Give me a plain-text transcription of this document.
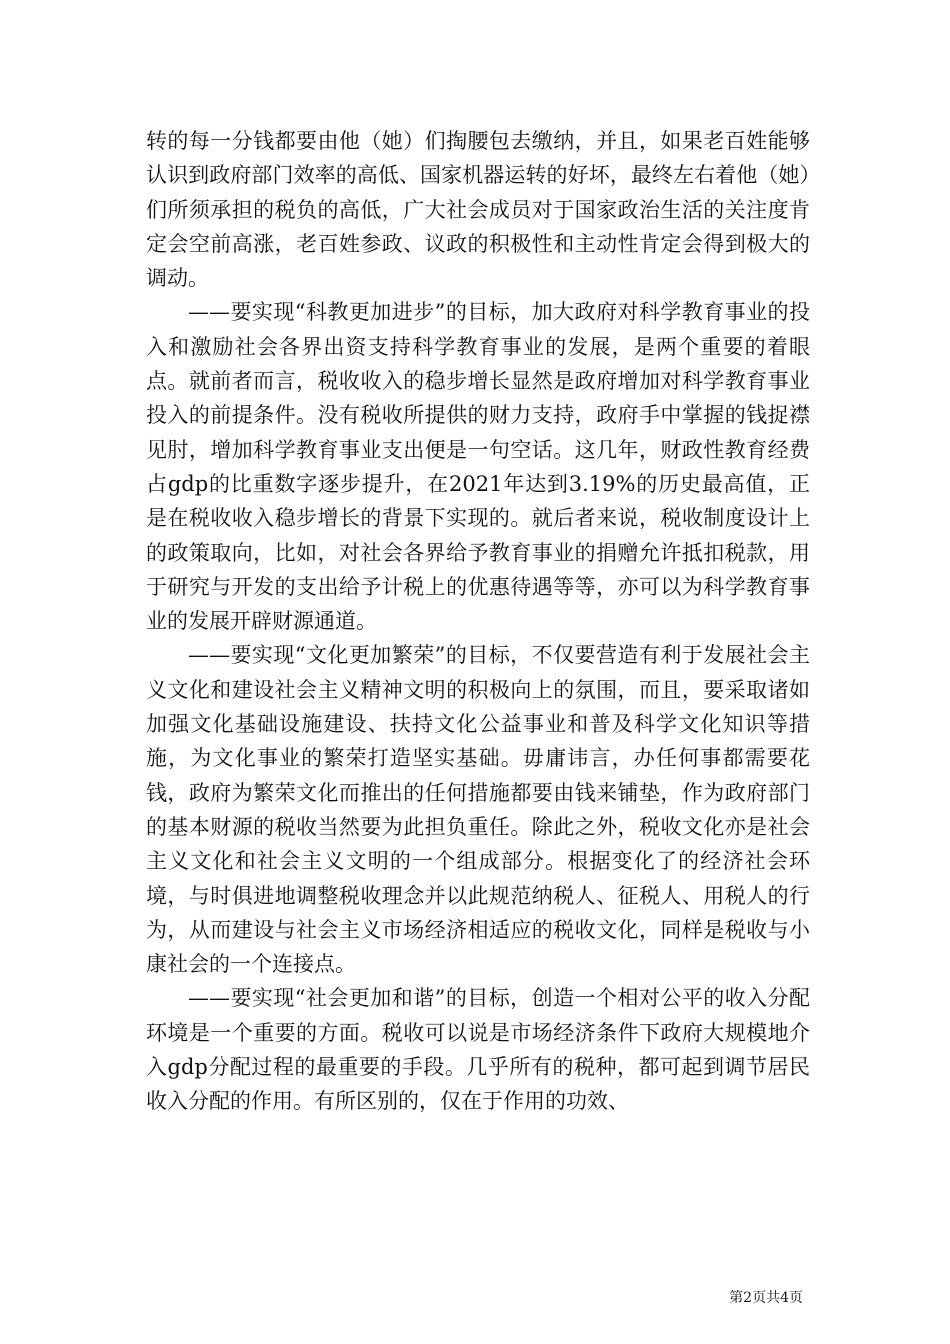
转的每一分钱都要由他（她）们掏腰包去缴纳，并且，如果老百姓能够认识到政府部门效率的高低、国家机器运转的好坏，最终左右着他（她）们所须承担的税负的高低，广大社会成员对于国家政治生活的关注度肯定会空前高涨，老百姓参政、议政的积极性和主动性肯定会得到极大的调动。

——要实现“科教更加进步”的目标，加大政府对科学教育事业的投入和激励社会各界出资支持科学教育事业的发展，是两个重要的着眼点。就前者而言，税收收入的稳步增长显然是政府增加对科学教育事业投入的前提条件。没有税收所提供的财力支持，政府手中掌握的钱捉襟见肘，增加科学教育事业支出便是一句空话。这几年，财政性教育经费占gdp的比重数字逐步提升，在2021年达到3.19%的历史最高值，正是在税收收入稳步增长的背景下实现的。就后者来说，税收制度设计上的政策取向，比如，对社会各界给予教育事业的捐赠允许抵扣税款，用于研究与开发的支出给予计税上的优惠待遇等等，亦可以为科学教育事业的发展开辟财源通道。

——要实现“文化更加繁荣”的目标，不仅要营造有利于发展社会主义文化和建设社会主义精神文明的积极向上的氛围，而且，要采取诸如加强文化基础设施建设、扶持文化公益事业和普及科学文化知识等措施，为文化事业的繁荣打造坚实基础。毋庸讳言，办任何事都需要花钱，政府为繁荣文化而推出的任何措施都要由钱来铺垫，作为政府部门的基本财源的税收当然要为此担负重任。除此之外，税收文化亦是社会主义文化和社会主义文明的一个组成部分。根据变化了的经济社会环境，与时俱进地调整税收理念并以此规范纳税人、征税人、用税人的行为，从而建设与社会主义市场经济相适应的税收文化，同样是税收与小康社会的一个连接点。

——要实现“社会更加和谐”的目标，创造一个相对公平的收入分配环境是一个重要的方面。税收可以说是市场经济条件下政府大规模地介入gdp分配过程的最重要的手段。几乎所有的税种，都可起到调节居民收入分配的作用。有所区别的，仅在于作用的功效、

第2页共4页
